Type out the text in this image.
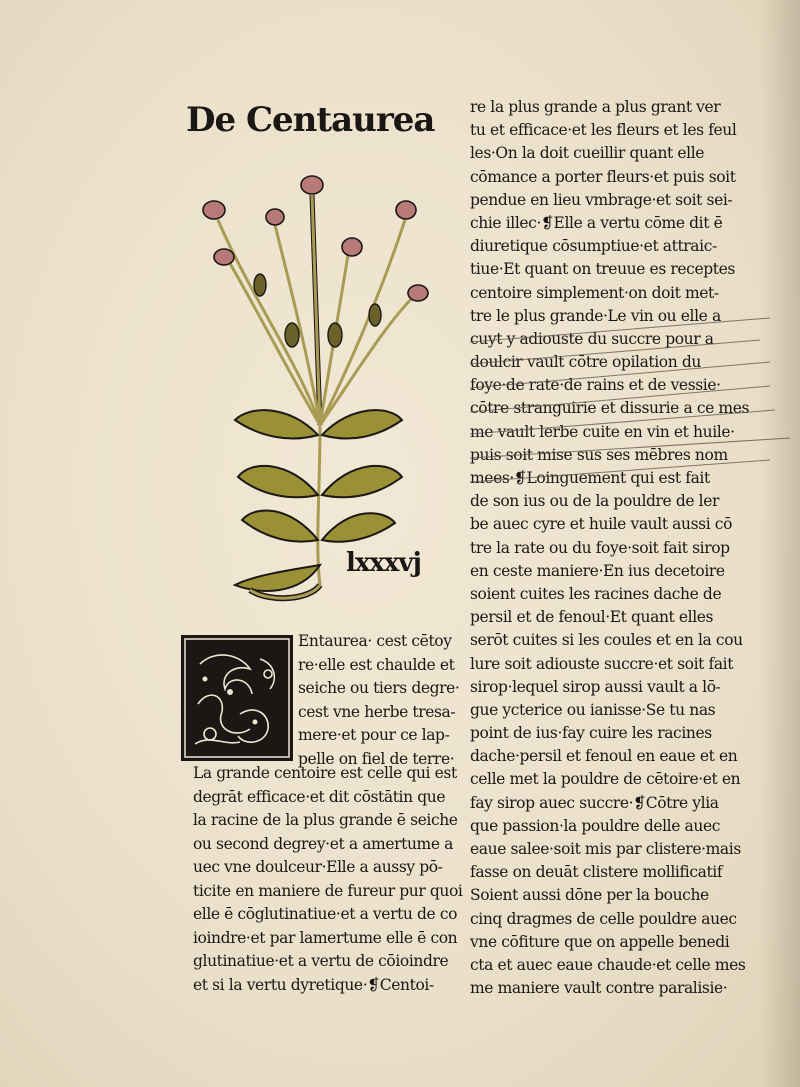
De Centaurea
lxxxvj
Entaurea· cest cētoy
re·elle est chaulde et
seiche ou tiers degre·
cest vne herbe tresa-
mere·et pour ce lap-
pelle on fiel de terre·
La grande centoire est celle qui est
degrāt efficace·et dit cōstātin que
la racine de la plus grande ē seiche
ou second degrey·et a amertume a
uec vne doulceur·Elle a aussy pō-
ticite en maniere de fureur pur quoi
elle ē cōglutinatiue·et a vertu de co
ioindre·et par lamertume elle ē con
glutinatiue·et a vertu de cōioindre
et si la vertu dyretique·❡Centoi-
re la plus grande a plus grant ver
tu et efficace·et les fleurs et les feul
les·On la doit cueillir quant elle
cōmance a porter fleurs·et puis soit
pendue en lieu vmbrage·et soit sei-
chie illec·❡Elle a vertu cōme dit ē
diuretique cōsumptiue·et attraic-
tiue·Et quant on treuue es receptes
centoire simplement·on doit met-
tre le plus grande·Le vin ou elle a
cuyt y adiouste du succre pour a
doulcir vault cōtre opilation du
foye·de rate·de rains et de vessie·
cōtre stranguirie et dissurie a ce mes
me vault lerbe cuite en vin et huile·
puis soit mise sus ses mēbres nom
mees·❡Loinguement qui est fait
de son ius ou de la pouldre de ler
be auec cyre et huile vault aussi cō
tre la rate ou du foye·soit fait sirop
en ceste maniere·En ius decetoire
soient cuites les racines dache de
persil et de fenoul·Et quant elles
serōt cuites si les coules et en la cou
lure soit adiouste succre·et soit fait
sirop·lequel sirop aussi vault a lō-
gue ycterice ou ianisse·Se tu nas
point de ius·fay cuire les racines
dache·persil et fenoul en eaue et en
celle met la pouldre de cētoire·et en
fay sirop auec succre·❡Cōtre ylia
que passion·la pouldre delle auec
eaue salee·soit mis par clistere·mais
fasse on deuāt clistere mollificatif
Soient aussi dōne per la bouche
cinq dragmes de celle pouldre auec
vne cōfiture que on appelle benedi
cta et auec eaue chaude·et celle mes
me maniere vault contre paralisie·
